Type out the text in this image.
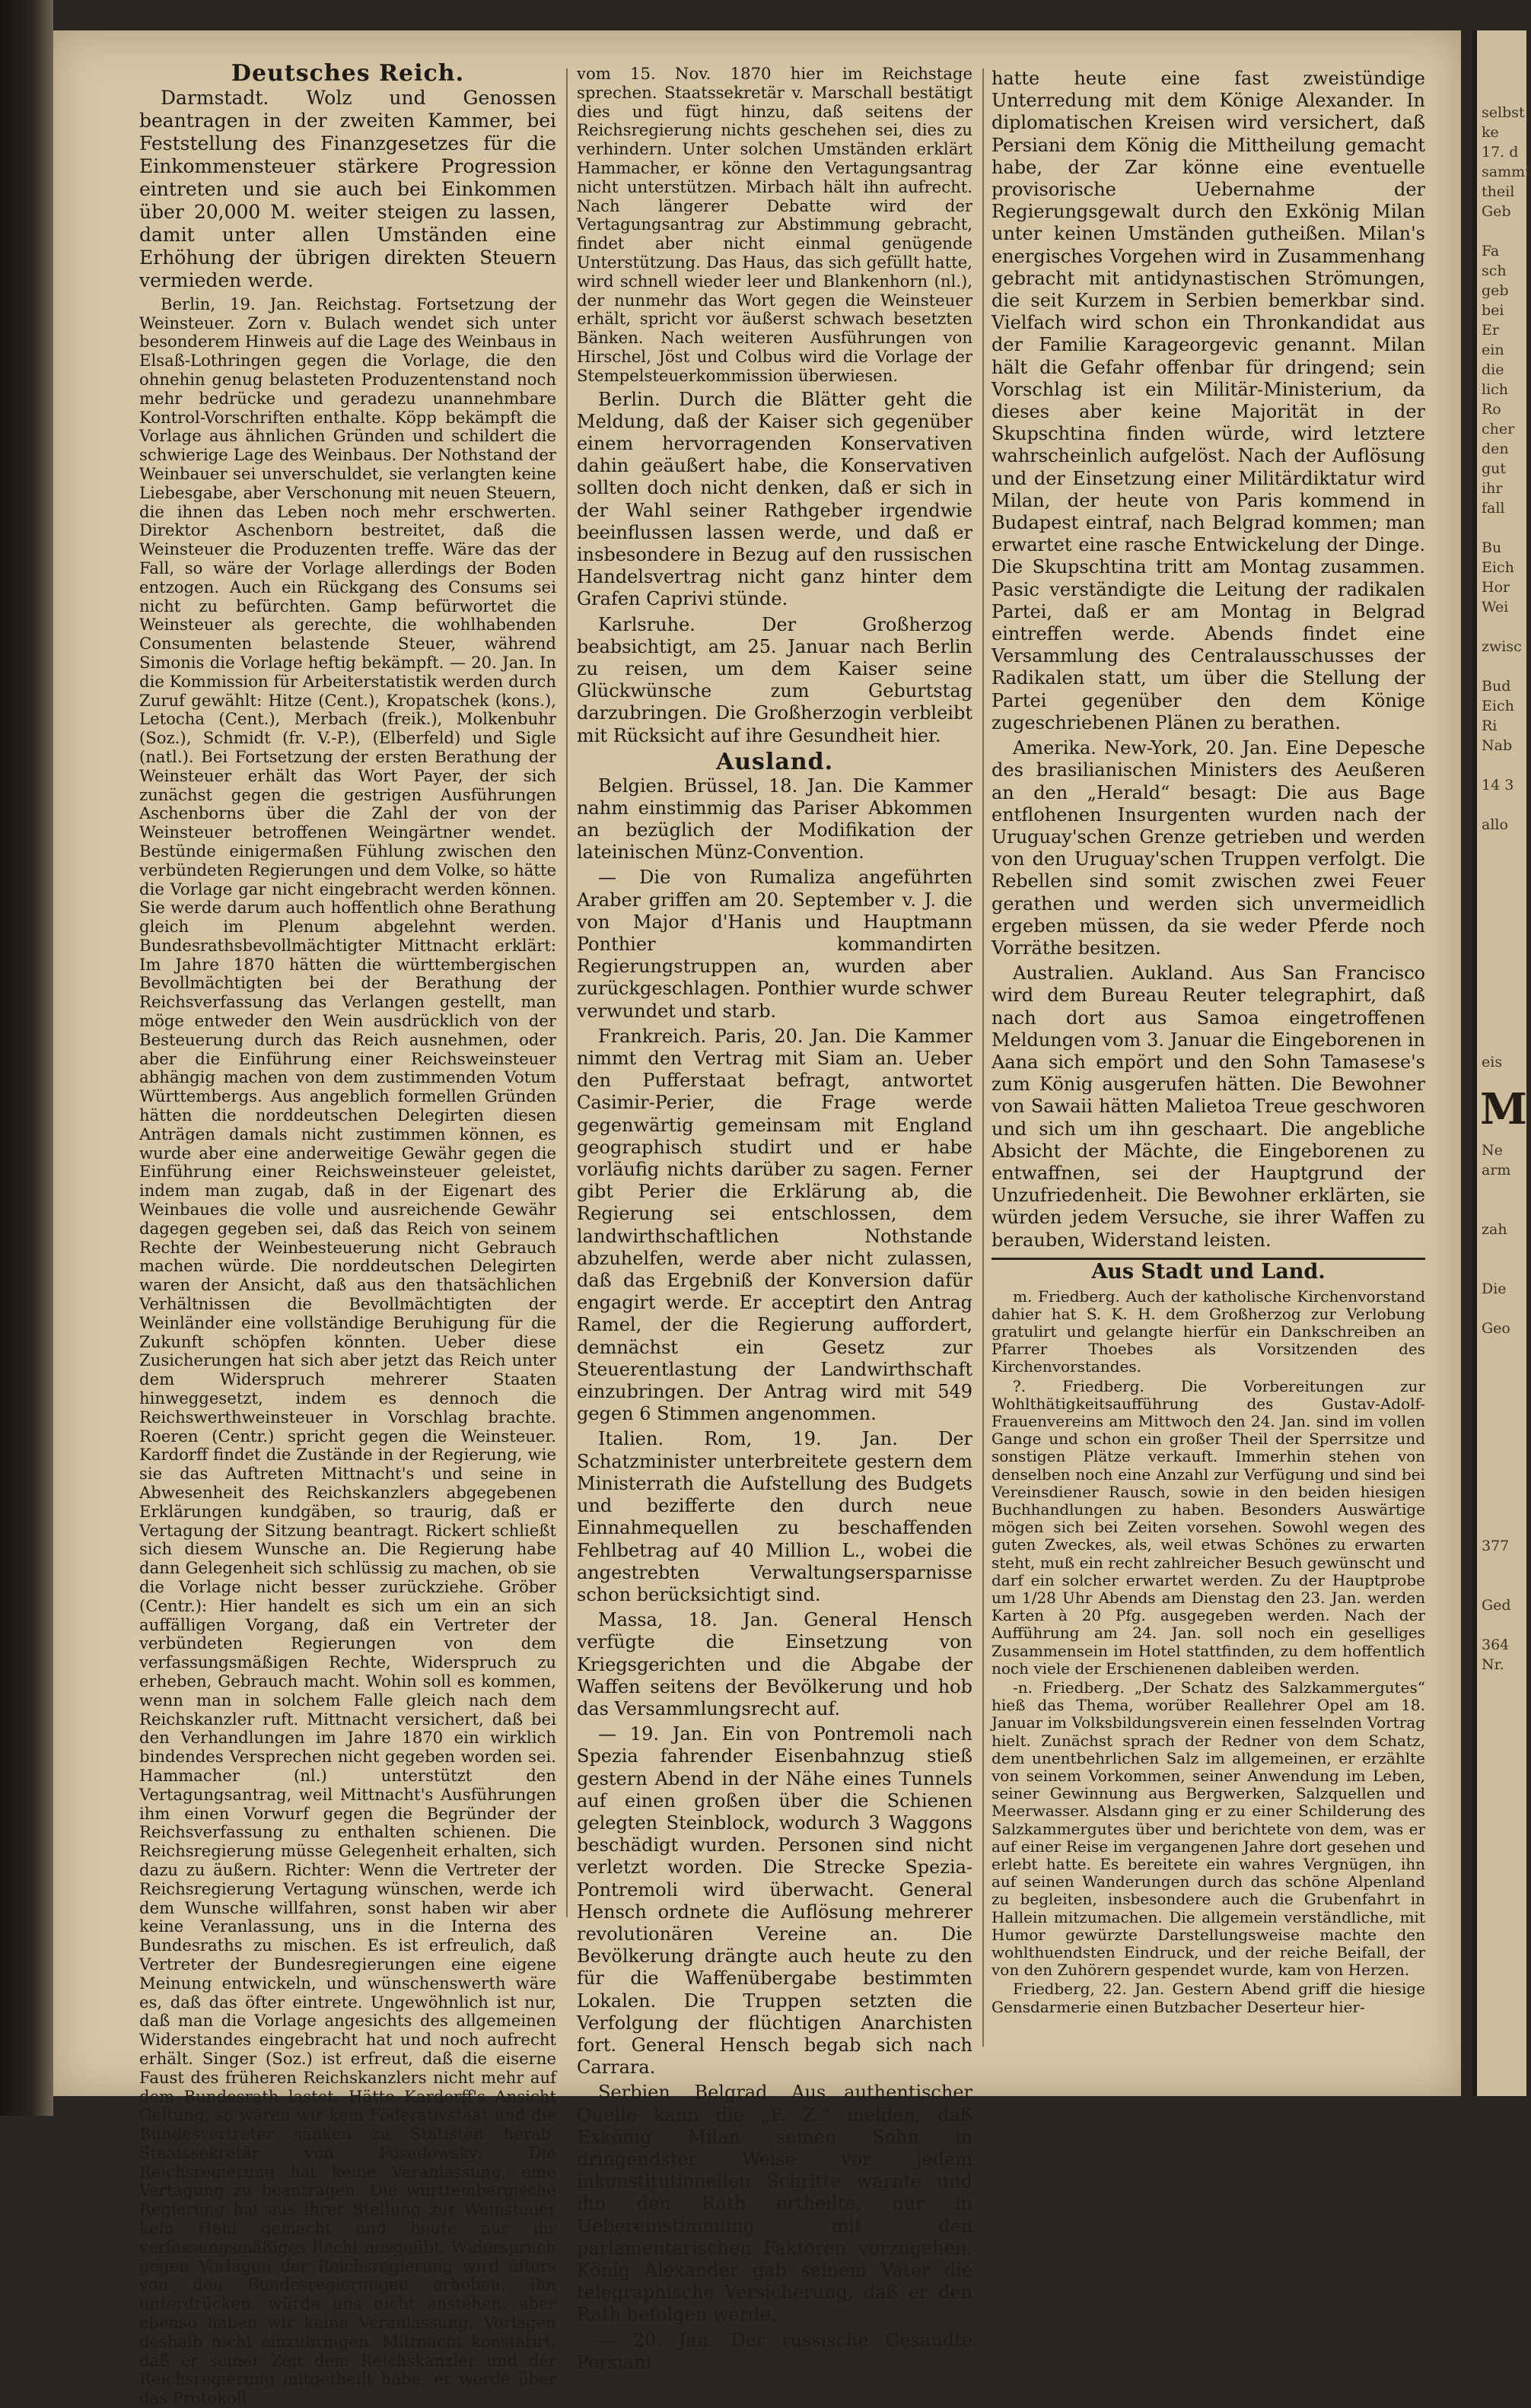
Deutsches Reich.

Darmstadt. Wolz und Genossen beantragen in der zweiten Kammer, bei Feststellung des Finanzgesetzes für die Einkommensteuer stärkere Progression eintreten und sie auch bei Einkommen über 20,000 M. weiter steigen zu lassen, damit unter allen Umständen eine Erhöhung der übrigen direkten Steuern vermieden werde.

Berlin, 19. Jan. Reichstag. Fortsetzung der Weinsteuer. Zorn v. Bulach wendet sich unter besonderem Hinweis auf die Lage des Weinbaus in Elsaß-Lothringen gegen die Vorlage, die den ohnehin genug belasteten Produzentenstand noch mehr bedrücke und geradezu unannehmbare Kontrol-Vorschriften enthalte. Köpp bekämpft die Vorlage aus ähnlichen Gründen und schildert die schwierige Lage des Weinbaus. Der Nothstand der Weinbauer sei unverschuldet, sie verlangten keine Liebesgabe, aber Verschonung mit neuen Steuern, die ihnen das Leben noch mehr erschwerten. Direktor Aschenborn bestreitet, daß die Weinsteuer die Produzenten treffe. Wäre das der Fall, so wäre der Vorlage allerdings der Boden entzogen. Auch ein Rückgang des Consums sei nicht zu befürchten. Gamp befürwortet die Weinsteuer als gerechte, die wohlhabenden Consumenten belastende Steuer, während Simonis die Vorlage heftig bekämpft. — 20. Jan. In die Kommission für Arbeiterstatistik werden durch Zuruf gewählt: Hitze (Cent.), Kropatschek (kons.), Letocha (Cent.), Merbach (freik.), Molkenbuhr (Soz.), Schmidt (fr. V.-P.), (Elberfeld) und Sigle (natl.). Bei Fortsetzung der ersten Berathung der Weinsteuer erhält das Wort Payer, der sich zunächst gegen die gestrigen Ausführungen Aschenborns über die Zahl der von der Weinsteuer betroffenen Weingärtner wendet. Bestünde einigermaßen Fühlung zwischen den verbündeten Regierungen und dem Volke, so hätte die Vorlage gar nicht eingebracht werden können. Sie werde darum auch hoffentlich ohne Berathung gleich im Plenum abgelehnt werden. Bundesrathsbevollmächtigter Mittnacht erklärt: Im Jahre 1870 hätten die württembergischen Bevollmächtigten bei der Berathung der Reichsverfassung das Verlangen gestellt, man möge entweder den Wein ausdrücklich von der Besteuerung durch das Reich ausnehmen, oder aber die Einführung einer Reichsweinsteuer abhängig machen von dem zustimmenden Votum Württembergs. Aus angeblich formellen Gründen hätten die norddeutschen Delegirten diesen Anträgen damals nicht zustimmen können, es wurde aber eine anderweitige Gewähr gegen die Einführung einer Reichsweinsteuer geleistet, indem man zugab, daß in der Eigenart des Weinbaues die volle und ausreichende Gewähr dagegen gegeben sei, daß das Reich von seinem Rechte der Weinbesteuerung nicht Gebrauch machen würde. Die norddeutschen Delegirten waren der Ansicht, daß aus den thatsächlichen Verhältnissen die Bevollmächtigten der Weinländer eine vollständige Beruhigung für die Zukunft schöpfen könnten. Ueber diese Zusicherungen hat sich aber jetzt das Reich unter dem Widerspruch mehrerer Staaten hinweggesetzt, indem es dennoch die Reichswerthweinsteuer in Vorschlag brachte. Roeren (Centr.) spricht gegen die Weinsteuer. Kardorff findet die Zustände in der Regierung, wie sie das Auftreten Mittnacht's und seine in Abwesenheit des Reichskanzlers abgegebenen Erklärungen kundgäben, so traurig, daß er Vertagung der Sitzung beantragt. Rickert schließt sich diesem Wunsche an. Die Regierung habe dann Gelegenheit sich schlüssig zu machen, ob sie die Vorlage nicht besser zurückziehe. Gröber (Centr.): Hier handelt es sich um ein an sich auffälligen Vorgang, daß ein Vertreter der verbündeten Regierungen von dem verfassungsmäßigen Rechte, Widerspruch zu erheben, Gebrauch macht. Wohin soll es kommen, wenn man in solchem Falle gleich nach dem Reichskanzler ruft. Mittnacht versichert, daß bei den Verhandlungen im Jahre 1870 ein wirklich bindendes Versprechen nicht gegeben worden sei. Hammacher (nl.) unterstützt den Vertagungsantrag, weil Mittnacht's Ausführungen ihm einen Vorwurf gegen die Begründer der Reichsverfassung zu enthalten schienen. Die Reichsregierung müsse Gelegenheit erhalten, sich dazu zu äußern. Richter: Wenn die Vertreter der Reichsregierung Vertagung wünschen, werde ich dem Wunsche willfahren, sonst haben wir aber keine Veranlassung, uns in die Interna des Bundesraths zu mischen. Es ist erfreulich, daß Vertreter der Bundesregierungen eine eigene Meinung entwickeln, und wünschenswerth wäre es, daß das öfter eintrete. Ungewöhnlich ist nur, daß man die Vorlage angesichts des allgemeinen Widerstandes eingebracht hat und noch aufrecht erhält. Singer (Soz.) ist erfreut, daß die eiserne Faust des früheren Reichskanzlers nicht mehr auf dem Bundesrath lastet. Hätte Kardorff's Ansicht Geltung, so wären wir kein Föderativstaat und die Bundesvertreter sänken zu Statisten herab. Staatssekretär von Posadowsky: Die Reichsregierung hat keine Veranlassung, eine Vertagung zu beantragen. Die württembergische Regierung hat aus ihrer Stellung zur Weinsteuer kein Hehl gemacht und heute nur ihr verfassungsmäßiges Recht ausgeübt. Widerspruch gegen Vorlagen der Reichsregierung wird öfters von den Bundesregierungen erhoben; ihn unterdrücken, würde uns nicht anstehen, aber ebenso haben wir keine Veranlassung, Vorlagen deshalb nicht einzubringen. Mittnacht konstatirt, daß er seiner Zeit dem Reichskanzler und der Reichsregierung mitgetheilt habe, er werde über das Protokoll

vom 15. Nov. 1870 hier im Reichstage sprechen. Staatssekretär v. Marschall bestätigt dies und fügt hinzu, daß seitens der Reichsregierung nichts geschehen sei, dies zu verhindern. Unter solchen Umständen erklärt Hammacher, er könne den Vertagungsantrag nicht unterstützen. Mirbach hält ihn aufrecht. Nach längerer Debatte wird der Vertagungsantrag zur Abstimmung gebracht, findet aber nicht einmal genügende Unterstützung. Das Haus, das sich gefüllt hatte, wird schnell wieder leer und Blankenhorn (nl.), der nunmehr das Wort gegen die Weinsteuer erhält, spricht vor äußerst schwach besetzten Bänken. Nach weiteren Ausführungen von Hirschel, Jöst und Colbus wird die Vorlage der Stempelsteuerkommission überwiesen.

Berlin. Durch die Blätter geht die Meldung, daß der Kaiser sich gegenüber einem hervorragenden Konservativen dahin geäußert habe, die Konservativen sollten doch nicht denken, daß er sich in der Wahl seiner Rathgeber irgendwie beeinflussen lassen werde, und daß er insbesondere in Bezug auf den russischen Handelsvertrag nicht ganz hinter dem Grafen Caprivi stünde.

Karlsruhe. Der Großherzog beabsichtigt, am 25. Januar nach Berlin zu reisen, um dem Kaiser seine Glückwünsche zum Geburtstag darzubringen. Die Großherzogin verbleibt mit Rücksicht auf ihre Gesundheit hier.

Ausland.

Belgien. Brüssel, 18. Jan. Die Kammer nahm einstimmig das Pariser Abkommen an bezüglich der Modifikation der lateinischen Münz-Convention.

— Die von Rumaliza angeführten Araber griffen am 20. September v. J. die von Major d'Hanis und Hauptmann Ponthier kommandirten Regierungstruppen an, wurden aber zurückgeschlagen. Ponthier wurde schwer verwundet und starb.

Frankreich. Paris, 20. Jan. Die Kammer nimmt den Vertrag mit Siam an. Ueber den Pufferstaat befragt, antwortet Casimir-Perier, die Frage werde gegenwärtig gemeinsam mit England geographisch studirt und er habe vorläufig nichts darüber zu sagen. Ferner gibt Perier die Erklärung ab, die Regierung sei entschlossen, dem landwirthschaftlichen Nothstande abzuhelfen, werde aber nicht zulassen, daß das Ergebniß der Konversion dafür engagirt werde. Er acceptirt den Antrag Ramel, der die Regierung auffordert, demnächst ein Gesetz zur Steuerentlastung der Landwirthschaft einzubringen. Der Antrag wird mit 549 gegen 6 Stimmen angenommen.

Italien. Rom, 19. Jan. Der Schatzminister unterbreitete gestern dem Ministerrath die Aufstellung des Budgets und bezifferte den durch neue Einnahmequellen zu beschaffenden Fehlbetrag auf 40 Million L., wobei die angestrebten Verwaltungsersparnisse schon berücksichtigt sind.

Massa, 18. Jan. General Hensch verfügte die Einsetzung von Kriegsgerichten und die Abgabe der Waffen seitens der Bevölkerung und hob das Versammlungsrecht auf.

— 19. Jan. Ein von Pontremoli nach Spezia fahrender Eisenbahnzug stieß gestern Abend in der Nähe eines Tunnels auf einen großen über die Schienen gelegten Steinblock, wodurch 3 Waggons beschädigt wurden. Personen sind nicht verletzt worden. Die Strecke Spezia-Pontremoli wird überwacht. General Hensch ordnete die Auflösung mehrerer revolutionären Vereine an. Die Bevölkerung drängte auch heute zu den für die Waffenübergabe bestimmten Lokalen. Die Truppen setzten die Verfolgung der flüchtigen Anarchisten fort. General Hensch begab sich nach Carrara.

Serbien. Belgrad. Aus authentischer Quelle kann die „F. Z.“ melden, daß Exkönig Milan seinen Sohn in dringendster Weise vor jedem inkonstitutionellen Schritte warnte und ihn den Rath ertheilte, nur in Uebereinstimmung mit den parlamentarischen Faktoren vorzugehen. König Alexander gab seinem Vater die telegraphische Versicherung, daß er den Rath befolgen werde.

— 20. Jan. Der russische Gesandte Persiani

hatte heute eine fast zweistündige Unterredung mit dem Könige Alexander. In diplomatischen Kreisen wird versichert, daß Persiani dem König die Mittheilung gemacht habe, der Zar könne eine eventuelle provisorische Uebernahme der Regierungsgewalt durch den Exkönig Milan unter keinen Umständen gutheißen. Milan's energisches Vorgehen wird in Zusammenhang gebracht mit antidynastischen Strömungen, die seit Kurzem in Serbien bemerkbar sind. Vielfach wird schon ein Thronkandidat aus der Familie Karageorgevic genannt. Milan hält die Gefahr offenbar für dringend; sein Vorschlag ist ein Militär-Ministerium, da dieses aber keine Majorität in der Skupschtina finden würde, wird letztere wahrscheinlich aufgelöst. Nach der Auflösung und der Einsetzung einer Militärdiktatur wird Milan, der heute von Paris kommend in Budapest eintraf, nach Belgrad kommen; man erwartet eine rasche Entwickelung der Dinge. Die Skupschtina tritt am Montag zusammen. Pasic verständigte die Leitung der radikalen Partei, daß er am Montag in Belgrad eintreffen werde. Abends findet eine Versammlung des Centralausschusses der Radikalen statt, um über die Stellung der Partei gegenüber den dem Könige zugeschriebenen Plänen zu berathen.

Amerika. New-York, 20. Jan. Eine Depesche des brasilianischen Ministers des Aeußeren an den „Herald“ besagt: Die aus Bage entflohenen Insurgenten wurden nach der Uruguay'schen Grenze getrieben und werden von den Uruguay'schen Truppen verfolgt. Die Rebellen sind somit zwischen zwei Feuer gerathen und werden sich unvermeidlich ergeben müssen, da sie weder Pferde noch Vorräthe besitzen.

Australien. Aukland. Aus San Francisco wird dem Bureau Reuter telegraphirt, daß nach dort aus Samoa eingetroffenen Meldungen vom 3. Januar die Eingeborenen in Aana sich empört und den Sohn Tamasese's zum König ausgerufen hätten. Die Bewohner von Sawaii hätten Malietoa Treue geschworen und sich um ihn geschaart. Die angebliche Absicht der Mächte, die Eingeborenen zu entwaffnen, sei der Hauptgrund der Unzufriedenheit. Die Bewohner erklärten, sie würden jedem Versuche, sie ihrer Waffen zu berauben, Widerstand leisten.

Aus Stadt und Land.

m. Friedberg. Auch der katholische Kirchenvorstand dahier hat S. K. H. dem Großherzog zur Verlobung gratulirt und gelangte hierfür ein Dankschreiben an Pfarrer Thoebes als Vorsitzenden des Kirchenvorstandes.

?. Friedberg. Die Vorbereitungen zur Wohlthätigkeitsaufführung des Gustav-Adolf-Frauenvereins am Mittwoch den 24. Jan. sind im vollen Gange und schon ein großer Theil der Sperrsitze und sonstigen Plätze verkauft. Immerhin stehen von denselben noch eine Anzahl zur Verfügung und sind bei Vereinsdiener Rausch, sowie in den beiden hiesigen Buchhandlungen zu haben. Besonders Auswärtige mögen sich bei Zeiten vorsehen. Sowohl wegen des guten Zweckes, als, weil etwas Schönes zu erwarten steht, muß ein recht zahlreicher Besuch gewünscht und darf ein solcher erwartet werden. Zu der Hauptprobe um 1/28 Uhr Abends am Dienstag den 23. Jan. werden Karten à 20 Pfg. ausgegeben werden. Nach der Aufführung am 24. Jan. soll noch ein geselliges Zusammensein im Hotel stattfinden, zu dem hoffentlich noch viele der Erschienenen dableiben werden.

-n. Friedberg. „Der Schatz des Salzkammergutes“ hieß das Thema, worüber Reallehrer Opel am 18. Januar im Volksbildungsverein einen fesselnden Vortrag hielt. Zunächst sprach der Redner von dem Schatz, dem unentbehrlichen Salz im allgemeinen, er erzählte von seinem Vorkommen, seiner Anwendung im Leben, seiner Gewinnung aus Bergwerken, Salzquellen und Meerwasser. Alsdann ging er zu einer Schilderung des Salzkammergutes über und berichtete von dem, was er auf einer Reise im vergangenen Jahre dort gesehen und erlebt hatte. Es bereitete ein wahres Vergnügen, ihn auf seinen Wanderungen durch das schöne Alpenland zu begleiten, insbesondere auch die Grubenfahrt in Hallein mitzumachen. Die allgemein verständliche, mit Humor gewürzte Darstellungsweise machte den wohlthuendsten Eindruck, und der reiche Beifall, der von den Zuhörern gespendet wurde, kam von Herzen.

Friedberg, 22. Jan. Gestern Abend griff die hiesige Gensdarmerie einen Butzbacher Deserteur hier-

selbst
ke
17. d
sammt
theil
Geb

Fa
sch
geb
bei
Er
ein
die
lich
Ro
cher
den
gut
ihr
fall

Bu
Eich
Hor
Wei

zwisc

Bud
Eich
Ri
Nab

14 3

allo

eis
M
Ne
arm

zah

Die

Geo

377

Ged

364
Nr.
